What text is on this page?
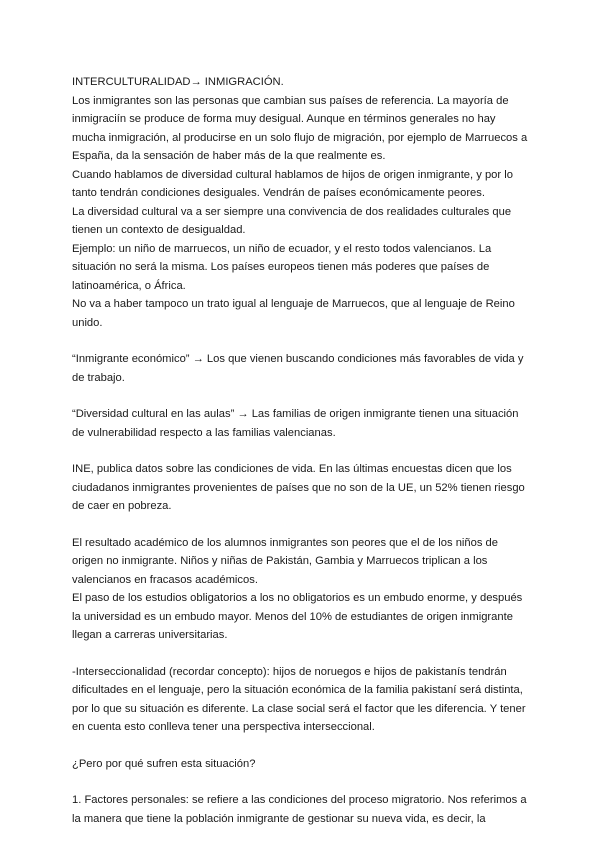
INTERCULTURALIDAD→ INMIGRACIÓN.

Los inmigrantes son las personas que cambian sus países de referencia. La mayoría de inmigraciín se produce de forma muy desigual. Aunque en términos generales no hay mucha inmigración, al producirse en un solo flujo de migración, por ejemplo de Marruecos a España, da la sensación de haber más de la que realmente es.

Cuando hablamos de diversidad cultural hablamos de hijos de origen inmigrante, y por lo tanto tendrán condiciones desiguales. Vendrán de países económicamente peores.

La diversidad cultural va a ser siempre una convivencia de dos realidades culturales que tienen un contexto de desigualdad.

Ejemplo: un niño de marruecos, un niño de ecuador, y el resto todos valencianos. La situación no será la misma. Los países europeos tienen más poderes que países de latinoamérica, o África.

No va a haber tampoco un trato igual al lenguaje de Marruecos, que al lenguaje de Reino unido.

“Inmigrante económico” → Los que vienen buscando condiciones más favorables de vida y de trabajo.

“Diversidad cultural en las aulas” → Las familias de origen inmigrante tienen una situación de vulnerabilidad respecto a las familias valencianas.

INE, publica datos sobre las condiciones de vida. En las últimas encuestas dicen que los ciudadanos inmigrantes provenientes de países que no son de la UE, un 52% tienen riesgo de caer en pobreza.

El resultado académico de los alumnos inmigrantes son peores que el de los niños de origen no inmigrante. Niños y niñas de Pakistán, Gambia y Marruecos triplican a los valencianos en fracasos académicos.

El paso de los estudios obligatorios a los no obligatorios es un embudo enorme, y después la universidad es un embudo mayor. Menos del 10% de estudiantes de origen inmigrante llegan a carreras universitarias.

-Interseccionalidad (recordar concepto): hijos de noruegos e hijos de pakistanís tendrán dificultades en el lenguaje, pero la situación económica de la familia pakistaní será distinta, por lo que su situación es diferente. La clase social será el factor que les diferencia. Y tener en cuenta esto conlleva tener una perspectiva interseccional.

¿Pero por qué sufren esta situación?

1. Factores personales: se refiere a las condiciones del proceso migratorio. Nos referimos a la manera que tiene la población inmigrante de gestionar su nueva vida, es decir, la
